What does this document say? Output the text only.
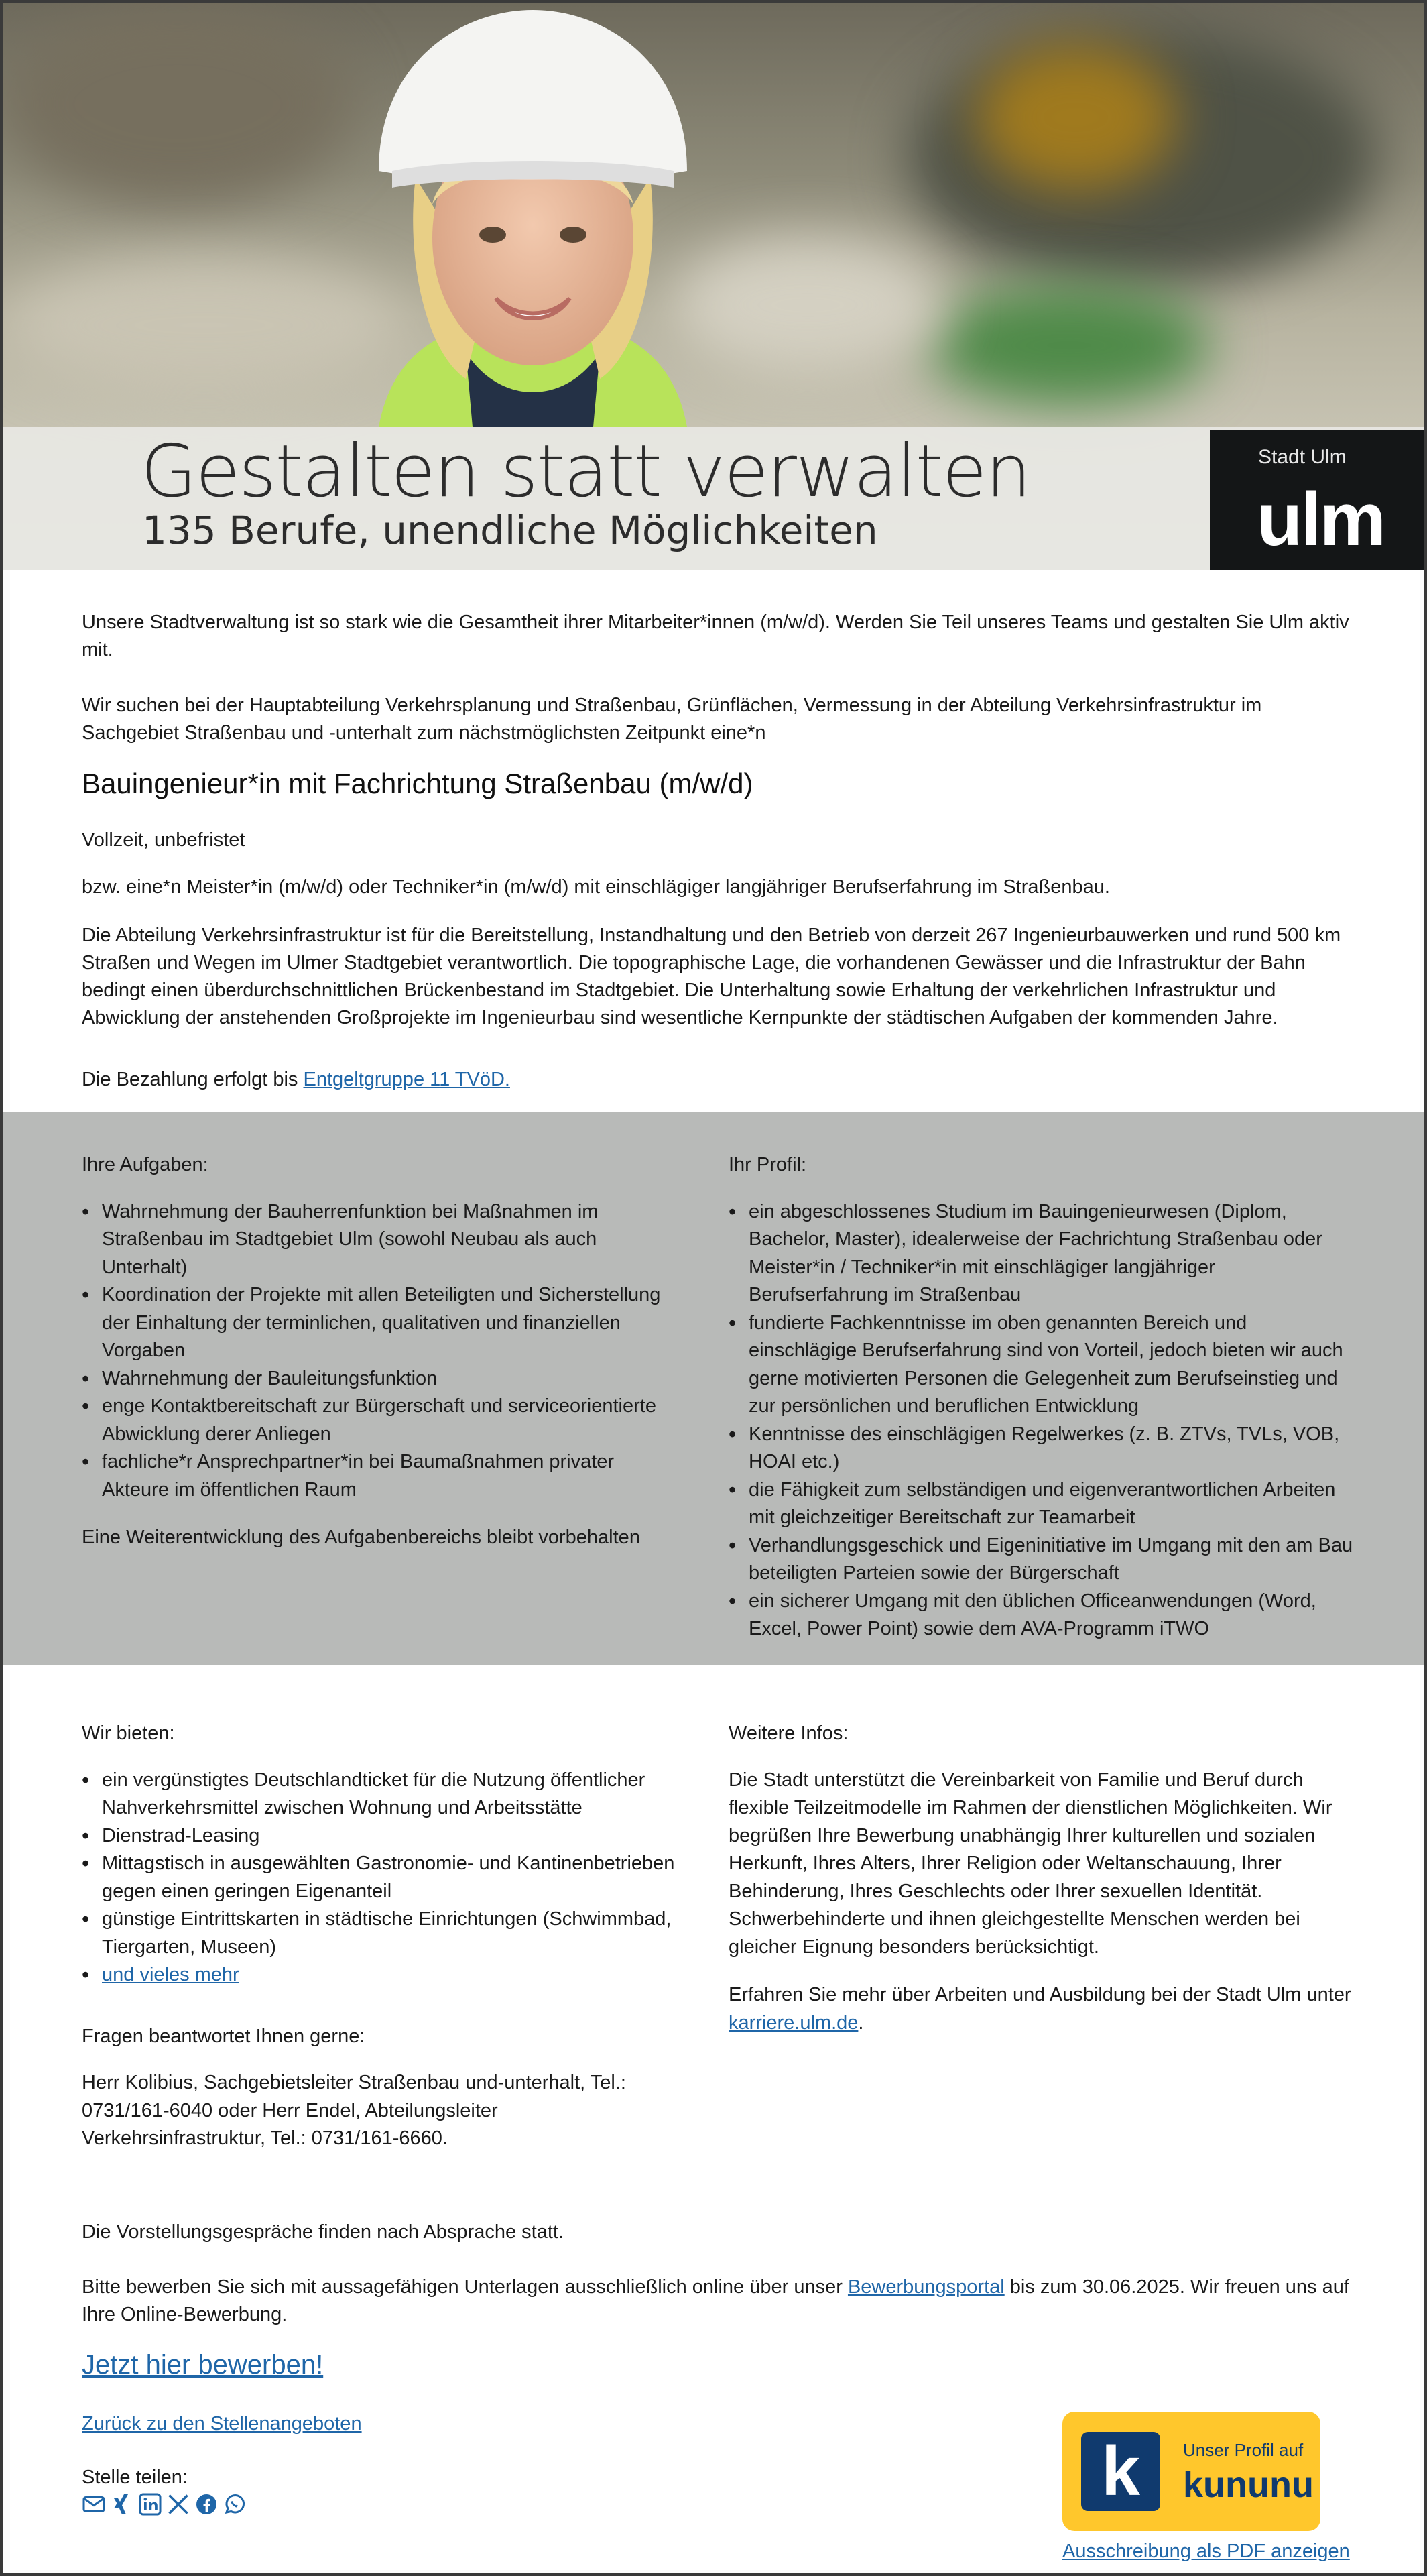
Gestalten statt verwalten
135 Berufe, unendliche Möglichkeiten
Stadt Ulm
ulm

Unsere Stadtverwaltung ist so stark wie die Gesamtheit ihrer Mitarbeiter*innen (m/w/d). Werden Sie Teil unseres Teams und gestalten Sie Ulm aktiv mit.

Wir suchen bei der Hauptabteilung Verkehrsplanung und Straßenbau, Grünflächen, Vermessung in der Abteilung Verkehrsinfrastruktur im Sachgebiet Straßenbau und -unterhalt zum nächstmöglichsten Zeitpunkt eine*n

Bauingenieur*in mit Fachrichtung Straßenbau (m/w/d)
Vollzeit, unbefristet
bzw. eine*n Meister*in (m/w/d) oder Techniker*in (m/w/d) mit einschlägiger langjähriger Berufserfahrung im Straßenbau.
Die Abteilung Verkehrsinfrastruktur ist für die Bereitstellung, Instandhaltung und den Betrieb von derzeit 267 Ingenieurbauwerken und rund 500 km Straßen und Wegen im Ulmer Stadtgebiet verantwortlich. Die topographische Lage, die vorhandenen Gewässer und die Infrastruktur der Bahn bedingt einen überdurchschnittlichen Brückenbestand im Stadtgebiet. Die Unterhaltung sowie Erhaltung der verkehrlichen Infrastruktur und Abwicklung der anstehenden Großprojekte im Ingenieurbau sind wesentliche Kernpunkte der städtischen Aufgaben der kommenden Jahre.
Die Bezahlung erfolgt bis Entgeltgruppe 11 TVöD.
Ihre Aufgaben:
• Wahrnehmung der Bauherrenfunktion bei Maßnahmen im Straßenbau im Stadtgebiet Ulm (sowohl Neubau als auch Unterhalt)
• Koordination der Projekte mit allen Beteiligten und Sicherstellung der Einhaltung der terminlichen, qualitativen und finanziellen Vorgaben
• Wahrnehmung der Bauleitungsfunktion
• enge Kontaktbereitschaft zur Bürgerschaft und serviceorientierte Abwicklung derer Anliegen
• fachliche*r Ansprechpartner*in bei Baumaßnahmen privater Akteure im öffentlichen Raum

Eine Weiterentwicklung des Aufgabenbereichs bleibt vorbehalten

Ihr Profil:
• ein abgeschlossenes Studium im Bauingenieurwesen (Diplom, Bachelor, Master), idealerweise der Fachrichtung Straßenbau oder Meister*in / Techniker*in mit einschlägiger langjähriger Berufserfahrung im Straßenbau
• fundierte Fachkenntnisse im oben genannten Bereich und einschlägige Berufserfahrung sind von Vorteil, jedoch bieten wir auch gerne motivierten Personen die Gelegenheit zum Berufseinstieg und zur persönlichen und beruflichen Entwicklung
• Kenntnisse des einschlägigen Regelwerkes (z. B. ZTVs, TVLs, VOB, HOAI etc.)
• die Fähigkeit zum selbständigen und eigenverantwortlichen Arbeiten mit gleichzeitiger Bereitschaft zur Teamarbeit
• Verhandlungsgeschick und Eigeninitiative im Umgang mit den am Bau beteiligten Parteien sowie der Bürgerschaft
• ein sicherer Umgang mit den üblichen Officeanwendungen (Word, Excel, Power Point) sowie dem AVA-Programm iTWO
Wir bieten:
• ein vergünstigtes Deutschlandticket für die Nutzung öffentlicher Nahverkehrsmittel zwischen Wohnung und Arbeitsstätte
• Dienstrad-Leasing
• Mittagstisch in ausgewählten Gastronomie- und Kantinenbetrieben gegen einen geringen Eigenanteil
• günstige Eintrittskarten in städtische Einrichtungen (Schwimmbad, Tiergarten, Museen)
• und vieles mehr
Fragen beantwortet Ihnen gerne:

Herr Kolibius, Sachgebietsleiter Straßenbau und-unterhalt, Tel.: 0731/161-6040 oder Herr Endel, Abteilungsleiter Verkehrsinfrastruktur, Tel.: 0731/161-6660.

Weitere Infos:

Die Stadt unterstützt die Vereinbarkeit von Familie und Beruf durch flexible Teilzeitmodelle im Rahmen der dienstlichen Möglichkeiten. Wir begrüßen Ihre Bewerbung unabhängig Ihrer kulturellen und sozialen Herkunft, Ihres Alters, Ihrer Religion oder Weltanschauung, Ihrer Behinderung, Ihres Geschlechts oder Ihrer sexuellen Identität. Schwerbehinderte und ihnen gleichgestellte Menschen werden bei gleicher Eignung besonders berücksichtigt.

Erfahren Sie mehr über Arbeiten und Ausbildung bei der Stadt Ulm unter karriere.ulm.de.

Die Vorstellungsgespräche finden nach Absprache statt.
Bitte bewerben Sie sich mit aussagefähigen Unterlagen ausschließlich online über unser Bewerbungsportal bis zum 30.06.2025. Wir freuen uns auf Ihre Online-Bewerbung.
Jetzt hier bewerben!
Zurück zu den Stellenangeboten
Stelle teilen:	k	Unser Profil auf
kununu
Ausschreibung als PDF anzeigen
